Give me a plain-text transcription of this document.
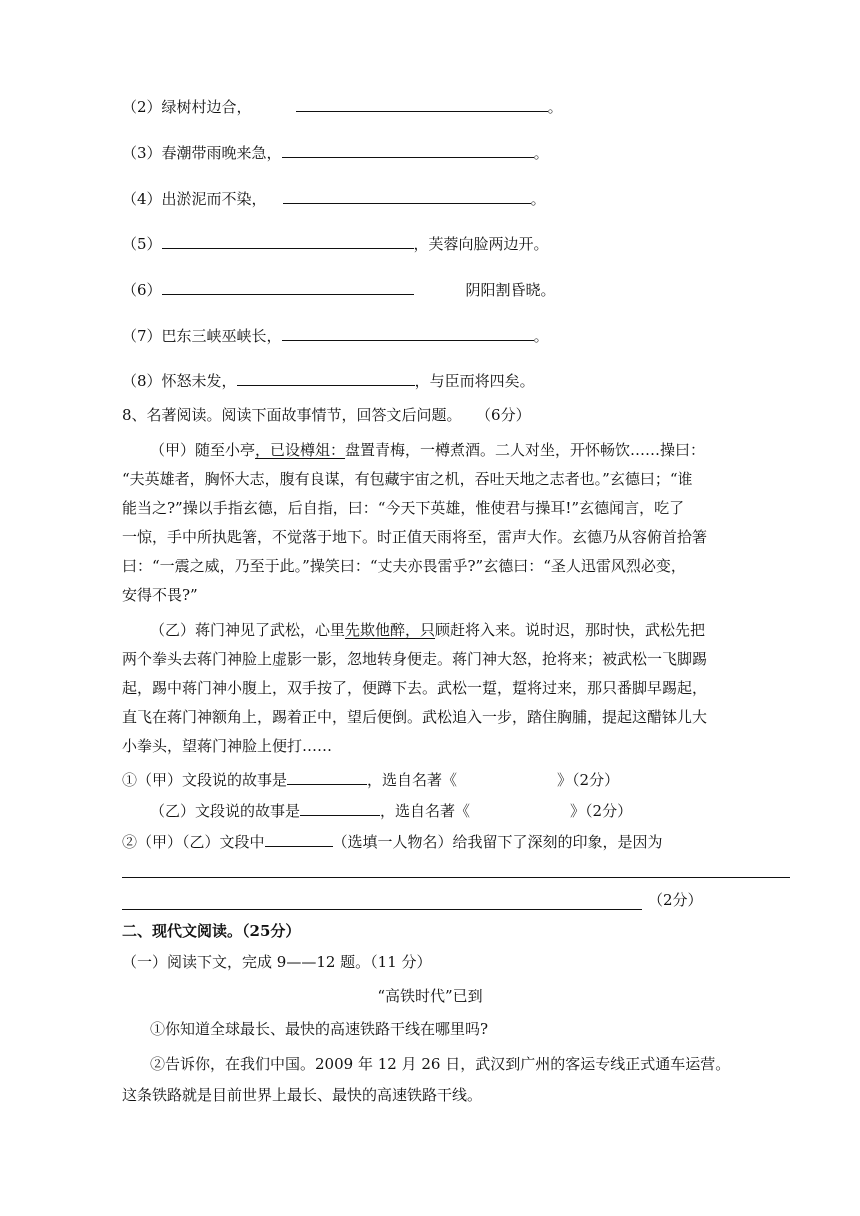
（2）绿树村边合，	。
（3）春潮带雨晚来急，	。
（4）出淤泥而不染，	。
（5）	，芙蓉向脸两边开。
（6）	阴阳割昏晓。
（7）巴东三峡巫峡长，	。
（8）怀怒未发，	，与臣而将四矣。
8、名著阅读。阅读下面故事情节，回答文后问题。 （6分）
（甲）随至小亭，已设樽俎：盘置青梅，一樽煮酒。二人对坐，开怀畅饮……操曰：
“夫英雄者，胸怀大志，腹有良谋，有包藏宇宙之机，吞吐天地之志者也。”玄德曰；“谁
能当之?”操以手指玄德，后自指，曰：“今天下英雄，惟使君与操耳!”玄德闻言，吃了
一惊，手中所执匙箸，不觉落于地下。时正值天雨将至，雷声大作。玄德乃从容俯首拾箸
曰：“一震之威，乃至于此。”操笑曰：“丈夫亦畏雷乎?”玄德曰：“圣人迅雷风烈必变，
安得不畏?”
（乙）蒋门神见了武松，心里先欺他醉，只顾赶将入来。说时迟，那时快，武松先把
两个拳头去蒋门神脸上虚影一影，忽地转身便走。蒋门神大怒，抢将来；被武松一飞脚踢
起，踢中蒋门神小腹上，双手按了，便蹲下去。武松一踅，踅将过来，那只番脚早踢起，
直飞在蒋门神额角上，踢着正中，望后便倒。武松追入一步，踏住胸脯，提起这醋钵儿大
小拳头，望蒋门神脸上便打……
①（甲）文段说的故事是	，选自名著《	》（2分）
（乙）文段说的故事是	，选自名著《	》（2分）
②（甲）（乙）文段中	（选填一人物名）给我留下了深刻的印象，是因为
（2分）
二、现代文阅读。（25分）
（一）阅读下文，完成 9——12 题。（11 分）
“高铁时代”已到
①你知道全球最长、最快的高速铁路干线在哪里吗?
②告诉你，在我们中国。2009 年 12 月 26 日，武汉到广州的客运专线正式通车运营。
这条铁路就是目前世界上最长、最快的高速铁路干线。
